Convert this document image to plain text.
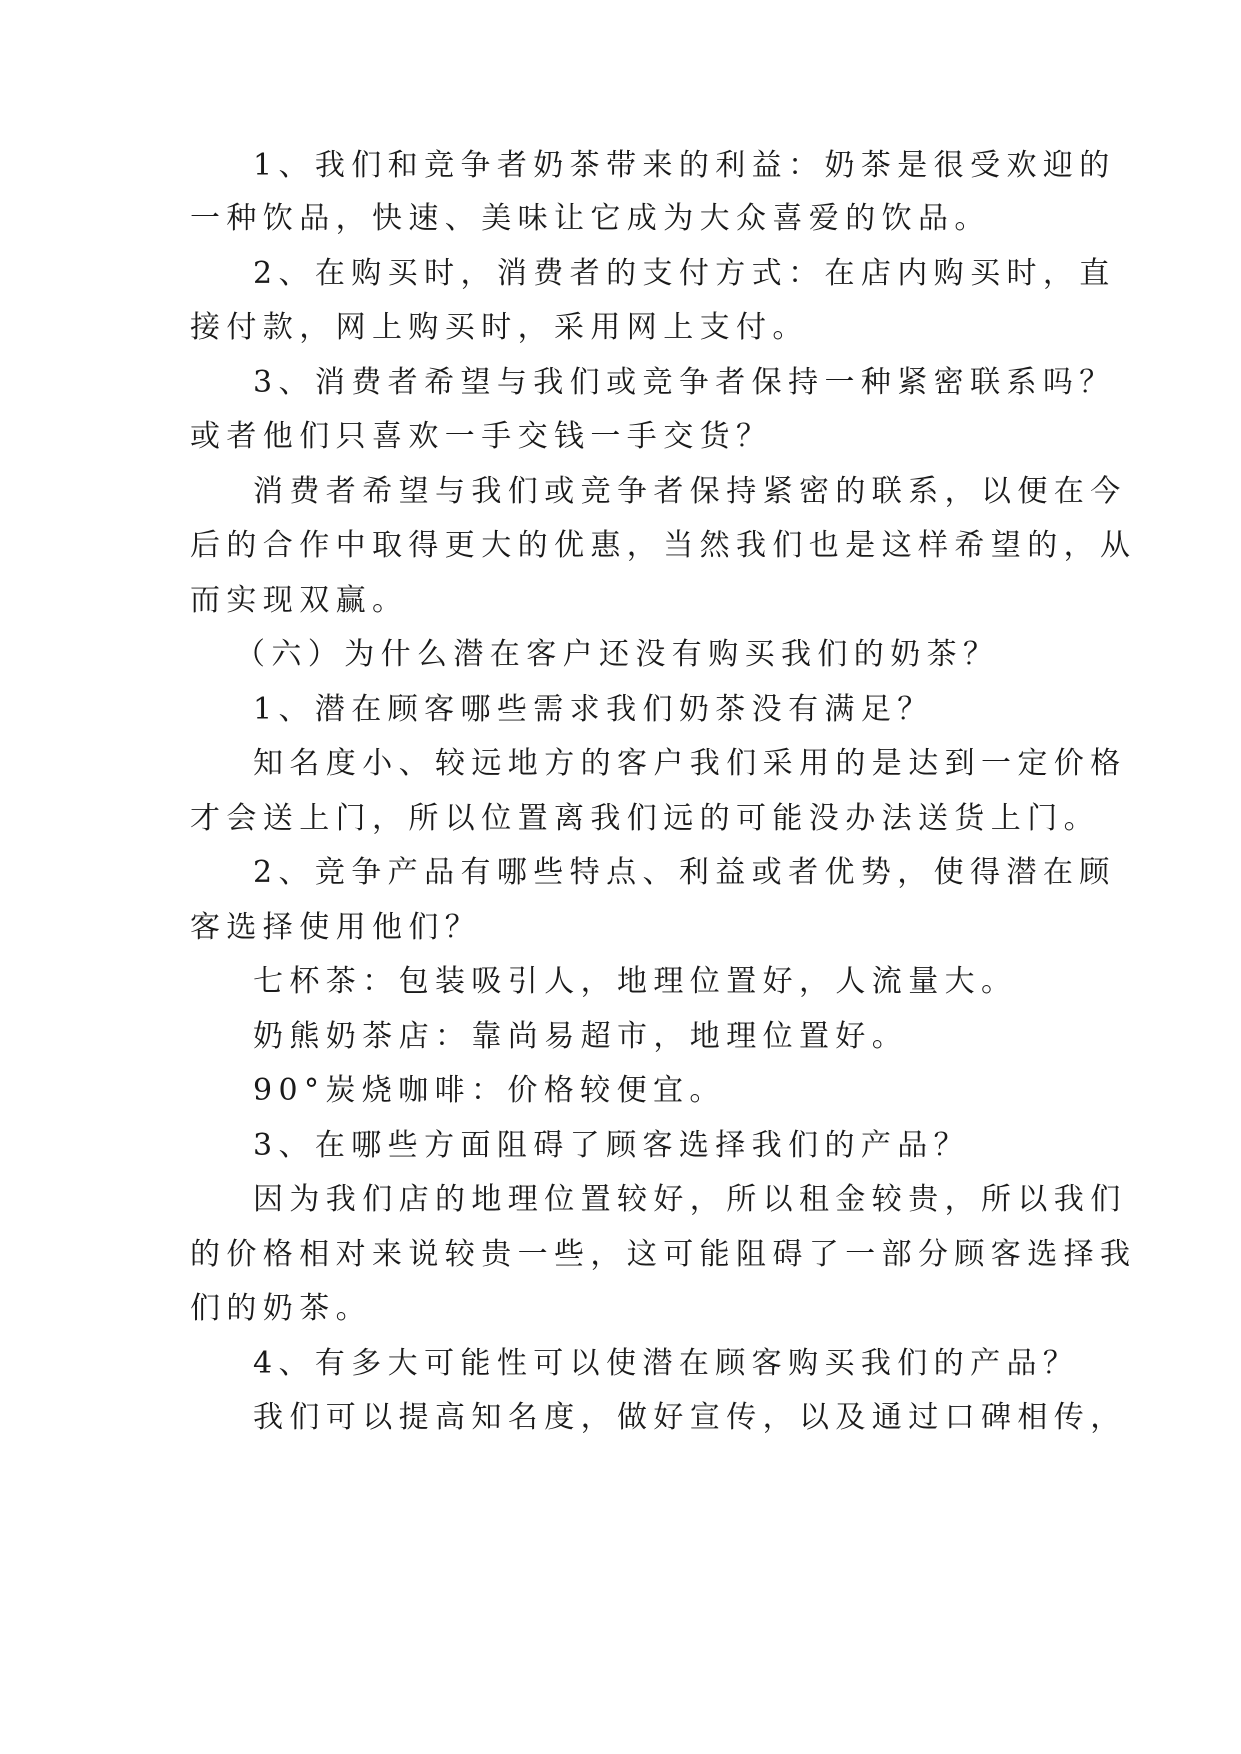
1、我们和竞争者奶茶带来的利益：奶茶是很受欢迎的
一种饮品，快速、美味让它成为大众喜爱的饮品。
2、在购买时，消费者的支付方式：在店内购买时，直
接付款，网上购买时，采用网上支付。
3、消费者希望与我们或竞争者保持一种紧密联系吗？
或者他们只喜欢一手交钱一手交货？
消费者希望与我们或竞争者保持紧密的联系，以便在今
后的合作中取得更大的优惠，当然我们也是这样希望的，从
而实现双赢。
（六）为什么潜在客户还没有购买我们的奶茶？
1、潜在顾客哪些需求我们奶茶没有满足？
知名度小、较远地方的客户我们采用的是达到一定价格
才会送上门，所以位置离我们远的可能没办法送货上门。
2、竞争产品有哪些特点、利益或者优势，使得潜在顾
客选择使用他们？
七杯茶：包装吸引人，地理位置好，人流量大。
奶熊奶茶店：靠尚易超市，地理位置好。
90°炭烧咖啡：价格较便宜。
3、在哪些方面阻碍了顾客选择我们的产品？
因为我们店的地理位置较好，所以租金较贵，所以我们
的价格相对来说较贵一些，这可能阻碍了一部分顾客选择我
们的奶茶。
4、有多大可能性可以使潜在顾客购买我们的产品？
我们可以提高知名度，做好宣传，以及通过口碑相传，
